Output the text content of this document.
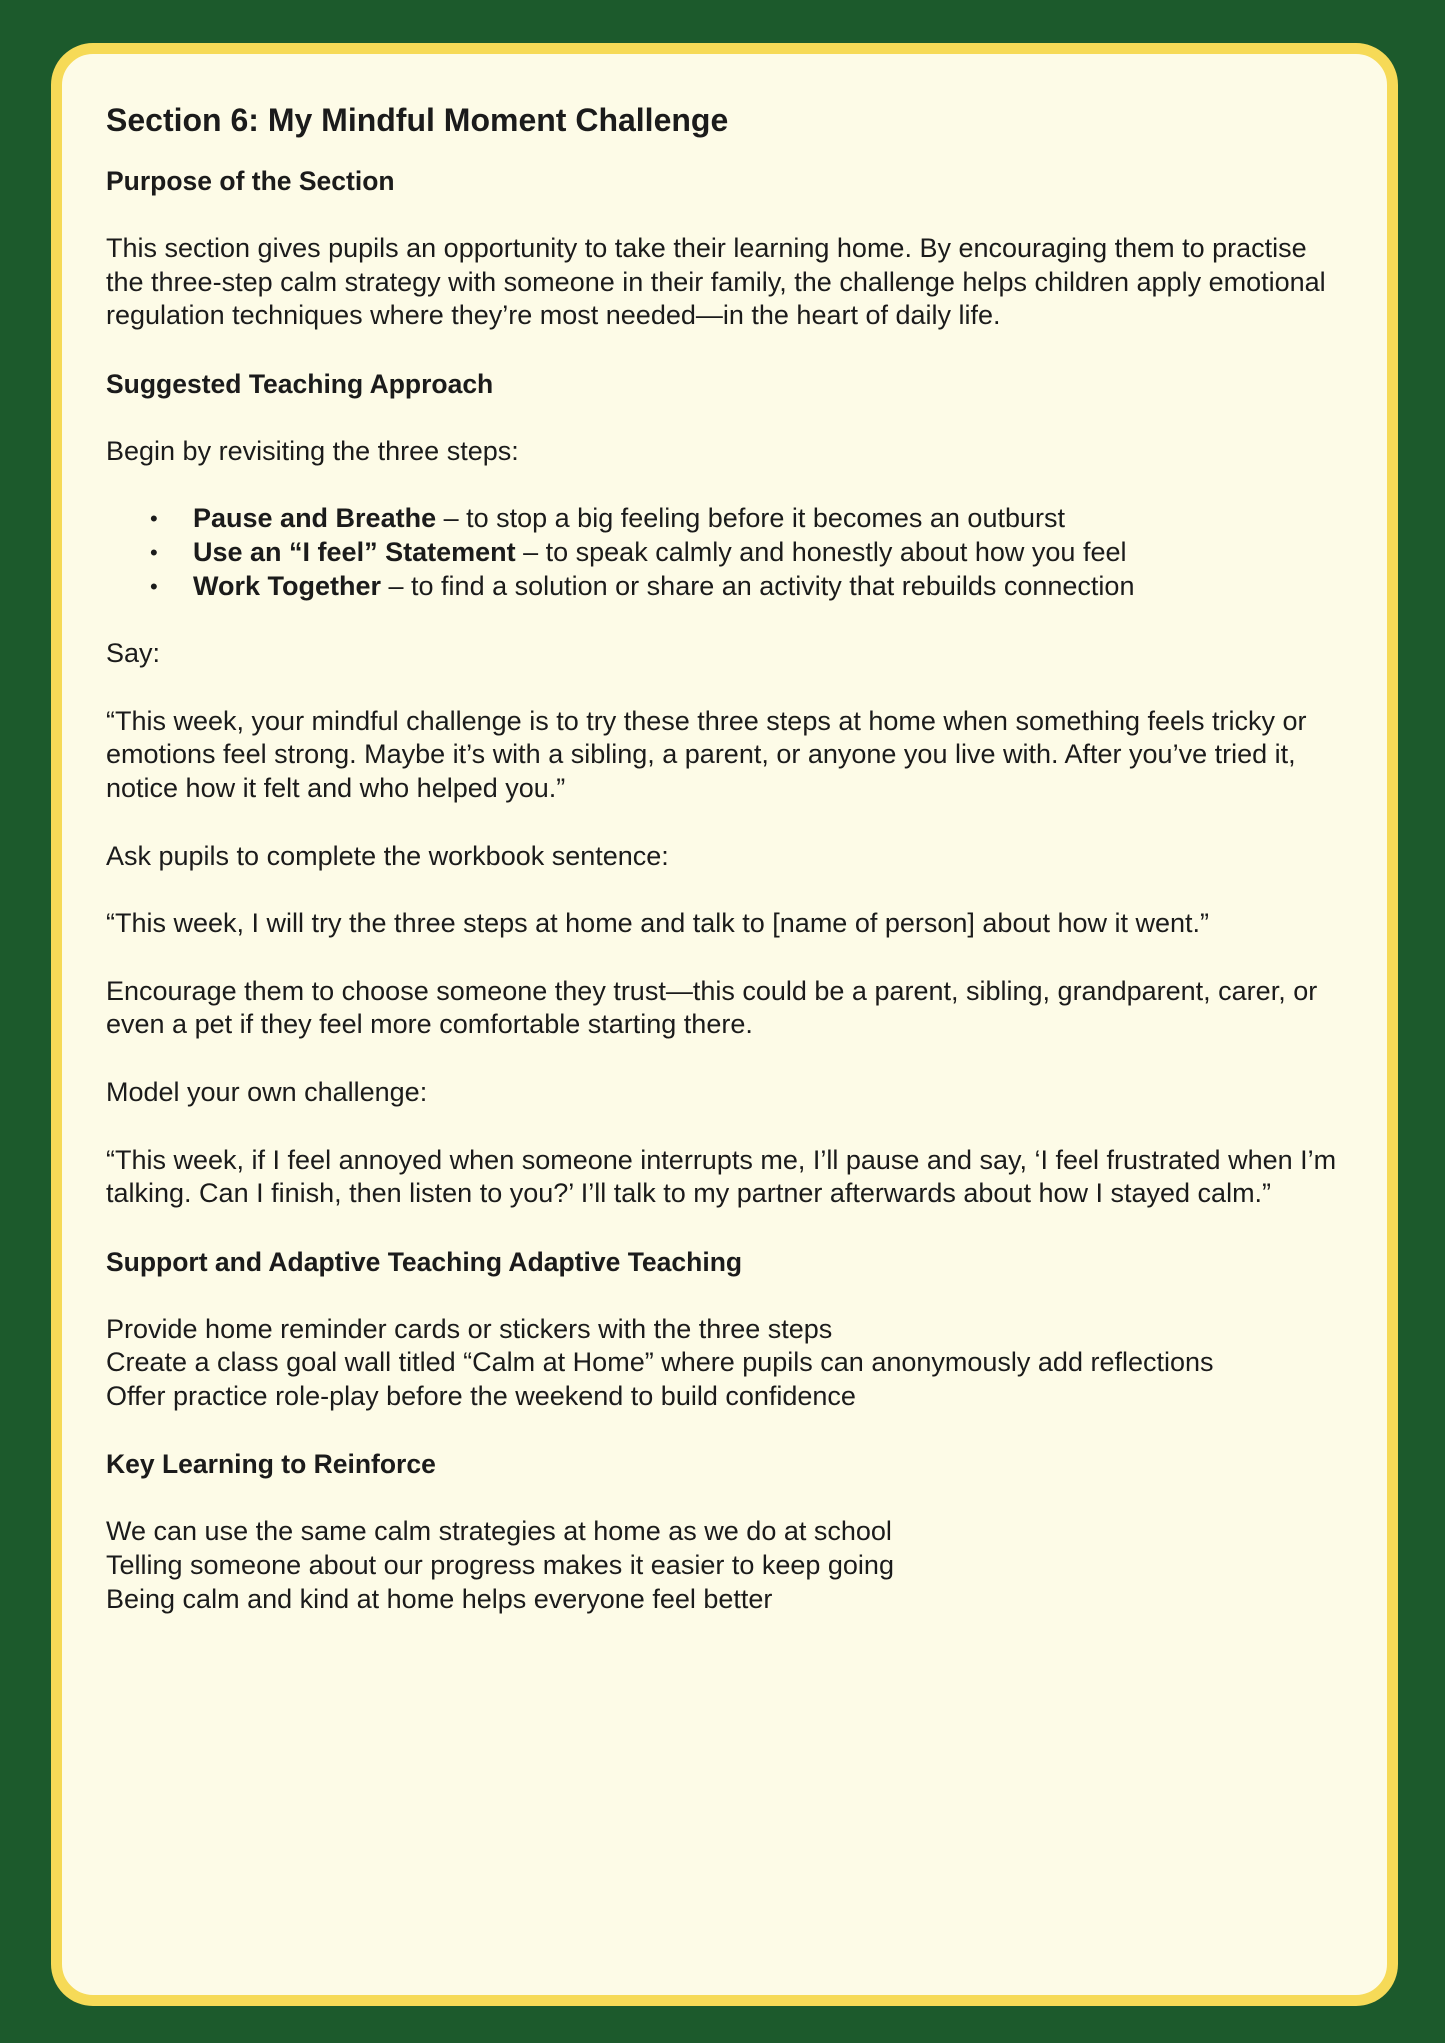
Section 6: My Mindful Moment Challenge
Purpose of the Section

This section gives pupils an opportunity to take their learning home. By encouraging them to practise the three-step calm strategy with someone in their family, the challenge helps children apply emotional regulation techniques where they’re most needed—in the heart of daily life.

Suggested Teaching Approach

Begin by revisiting the three steps:

• Pause and Breathe – to stop a big feeling before it becomes an outburst
• Use an “I feel” Statement – to speak calmly and honestly about how you feel
• Work Together – to find a solution or share an activity that rebuilds connection

Say:

“This week, your mindful challenge is to try these three steps at home when something feels tricky or emotions feel strong. Maybe it’s with a sibling, a parent, or anyone you live with. After you’ve tried it, notice how it felt and who helped you.”

Ask pupils to complete the workbook sentence:

“This week, I will try the three steps at home and talk to [name of person] about how it went.”

Encourage them to choose someone they trust—this could be a parent, sibling, grandparent, carer, or even a pet if they feel more comfortable starting there.

Model your own challenge:

“This week, if I feel annoyed when someone interrupts me, I’ll pause and say, ‘I feel frustrated when I’m talking. Can I finish, then listen to you?’ I’ll talk to my partner afterwards about how I stayed calm.”

Support and Adaptive Teaching Adaptive Teaching

Provide home reminder cards or stickers with the three steps

Create a class goal wall titled “Calm at Home” where pupils can anonymously add reflections

Offer practice role-play before the weekend to build confidence

Key Learning to Reinforce

We can use the same calm strategies at home as we do at school

Telling someone about our progress makes it easier to keep going

Being calm and kind at home helps everyone feel better
